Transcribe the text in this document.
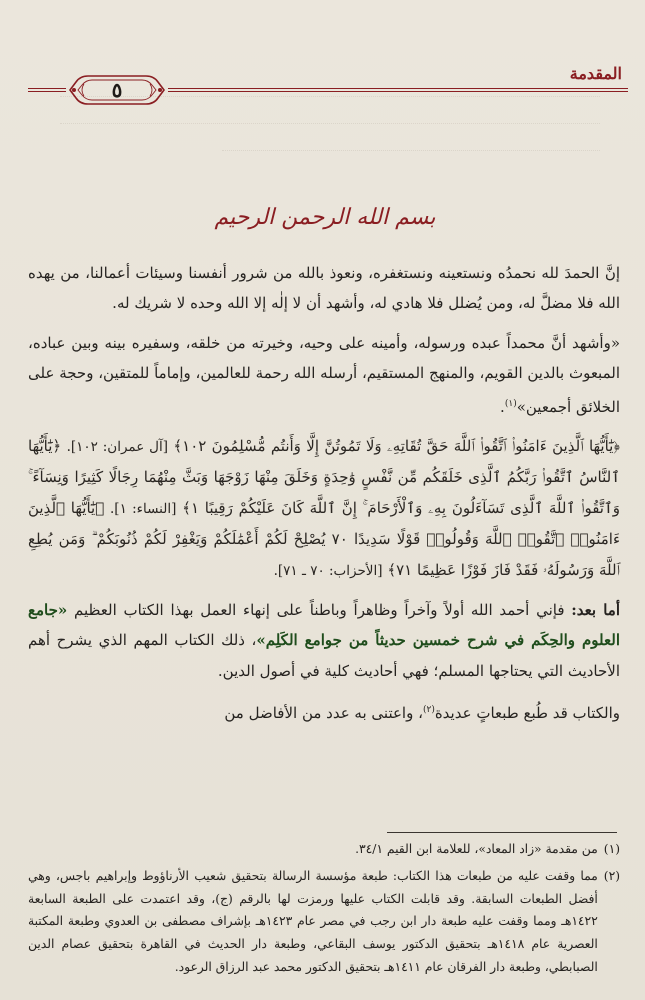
المقدمة
٥
بسم الله الرحمن الرحيم

إنَّ الحمدَ لله نحمدُه ونستعينه ونستغفره، ونعوذ بالله من شرور أنفسنا وسيئات أعمالنا، من يهده الله فلا مضلَّ له، ومن يُضلل فلا هادي له، وأشهد أن لا إلٰه إلا الله وحده لا شريك له.

«وأشهد أنَّ محمداً عبده ورسوله، وأمينه على وحيه، وخيرته من خلقه، وسفيره بينه وبين عباده، المبعوث بالدين القويم، والمنهج المستقيم، أرسله الله رحمة للعالمين، وإماماً للمتقين، وحجة على الخلائق أجمعين»$^{(١)}$.

﴿يَٰٓأَيُّهَا ٱلَّذِينَ ءَامَنُوا۟ ٱتَّقُوا۟ ٱللَّهَ حَقَّ تُقَاتِهِۦ وَلَا تَمُوتُنَّ إِلَّا وَأَنتُم مُّسْلِمُونَ ١٠٢﴾ [آل عمران: ١٠٢]. ﴿يَٰٓأَيُّهَا ٱلنَّاسُ ٱتَّقُوا۟ رَبَّكُمُ ٱلَّذِى خَلَقَكُم مِّن نَّفْسٍ وَٰحِدَةٍ وَخَلَقَ مِنْهَا زَوْجَهَا وَبَثَّ مِنْهُمَا رِجَالًا كَثِيرًا وَنِسَآءً ۚ وَٱتَّقُوا۟ ٱللَّهَ ٱلَّذِى تَسَآءَلُونَ بِهِۦ وَٱلْأَرْحَامَ ۚ إِنَّ ٱللَّهَ كَانَ عَلَيْكُمْ رَقِيبًا ١﴾ [النساء: ١]. ﴿يَٰٓأَيُّهَا ٱلَّذِينَ ءَامَنُوا۟ ٱتَّقُوا۟ ٱللَّهَ وَقُولُوا۟ قَوْلًا سَدِيدًا ٧٠ يُصْلِحْ لَكُمْ أَعْمَٰلَكُمْ وَيَغْفِرْ لَكُمْ ذُنُوبَكُمْ ۗ وَمَن يُطِعِ ٱللَّهَ وَرَسُولَهُۥ فَقَدْ فَازَ فَوْزًا عَظِيمًا ٧١﴾ [الأحزاب: ٧٠ ـ ٧١].

أما بعد: فإني أحمد الله أولاً وآخراً وظاهراً وباطناً على إنهاء العمل بهذا الكتاب العظيم «جامع العلوم والحِكَم في شرح خمسين حديثاً من جوامع الكَلِم»، ذلك الكتاب المهم الذي يشرح أهم الأحاديث التي يحتاجها المسلم؛ فهي أحاديث كلية في أصول الدين.

والكتاب قد طُبع طبعاتٍ عديدة$^{(٢)}$، واعتنى به عدد من الأفاضل من

(١)
من مقدمة «زاد المعاد»، للعلامة ابن القيم ٣٤/١.
(٢)
مما وقفت عليه من طبعات هذا الكتاب: طبعة مؤسسة الرسالة بتحقيق شعيب الأرناؤوط وإبراهيم باجس، وهي أفضل الطبعات السابقة. وقد قابلت الكتاب عليها ورمزت لها بالرقم (ج)، وقد اعتمدت على الطبعة السابعة ١٤٢٢هـ ومما وقفت عليه طبعة دار ابن رجب في مصر عام ١٤٢٣هـ بإشراف مصطفى بن العدوي وطبعة المكتبة العصرية عام ١٤١٨هـ بتحقيق الدكتور يوسف البقاعي، وطبعة دار الحديث في القاهرة بتحقيق عصام الدين الصبابطي، وطبعة دار الفرقان عام ١٤١١هـ بتحقيق الدكتور محمد عبد الرزاق الرعود.
